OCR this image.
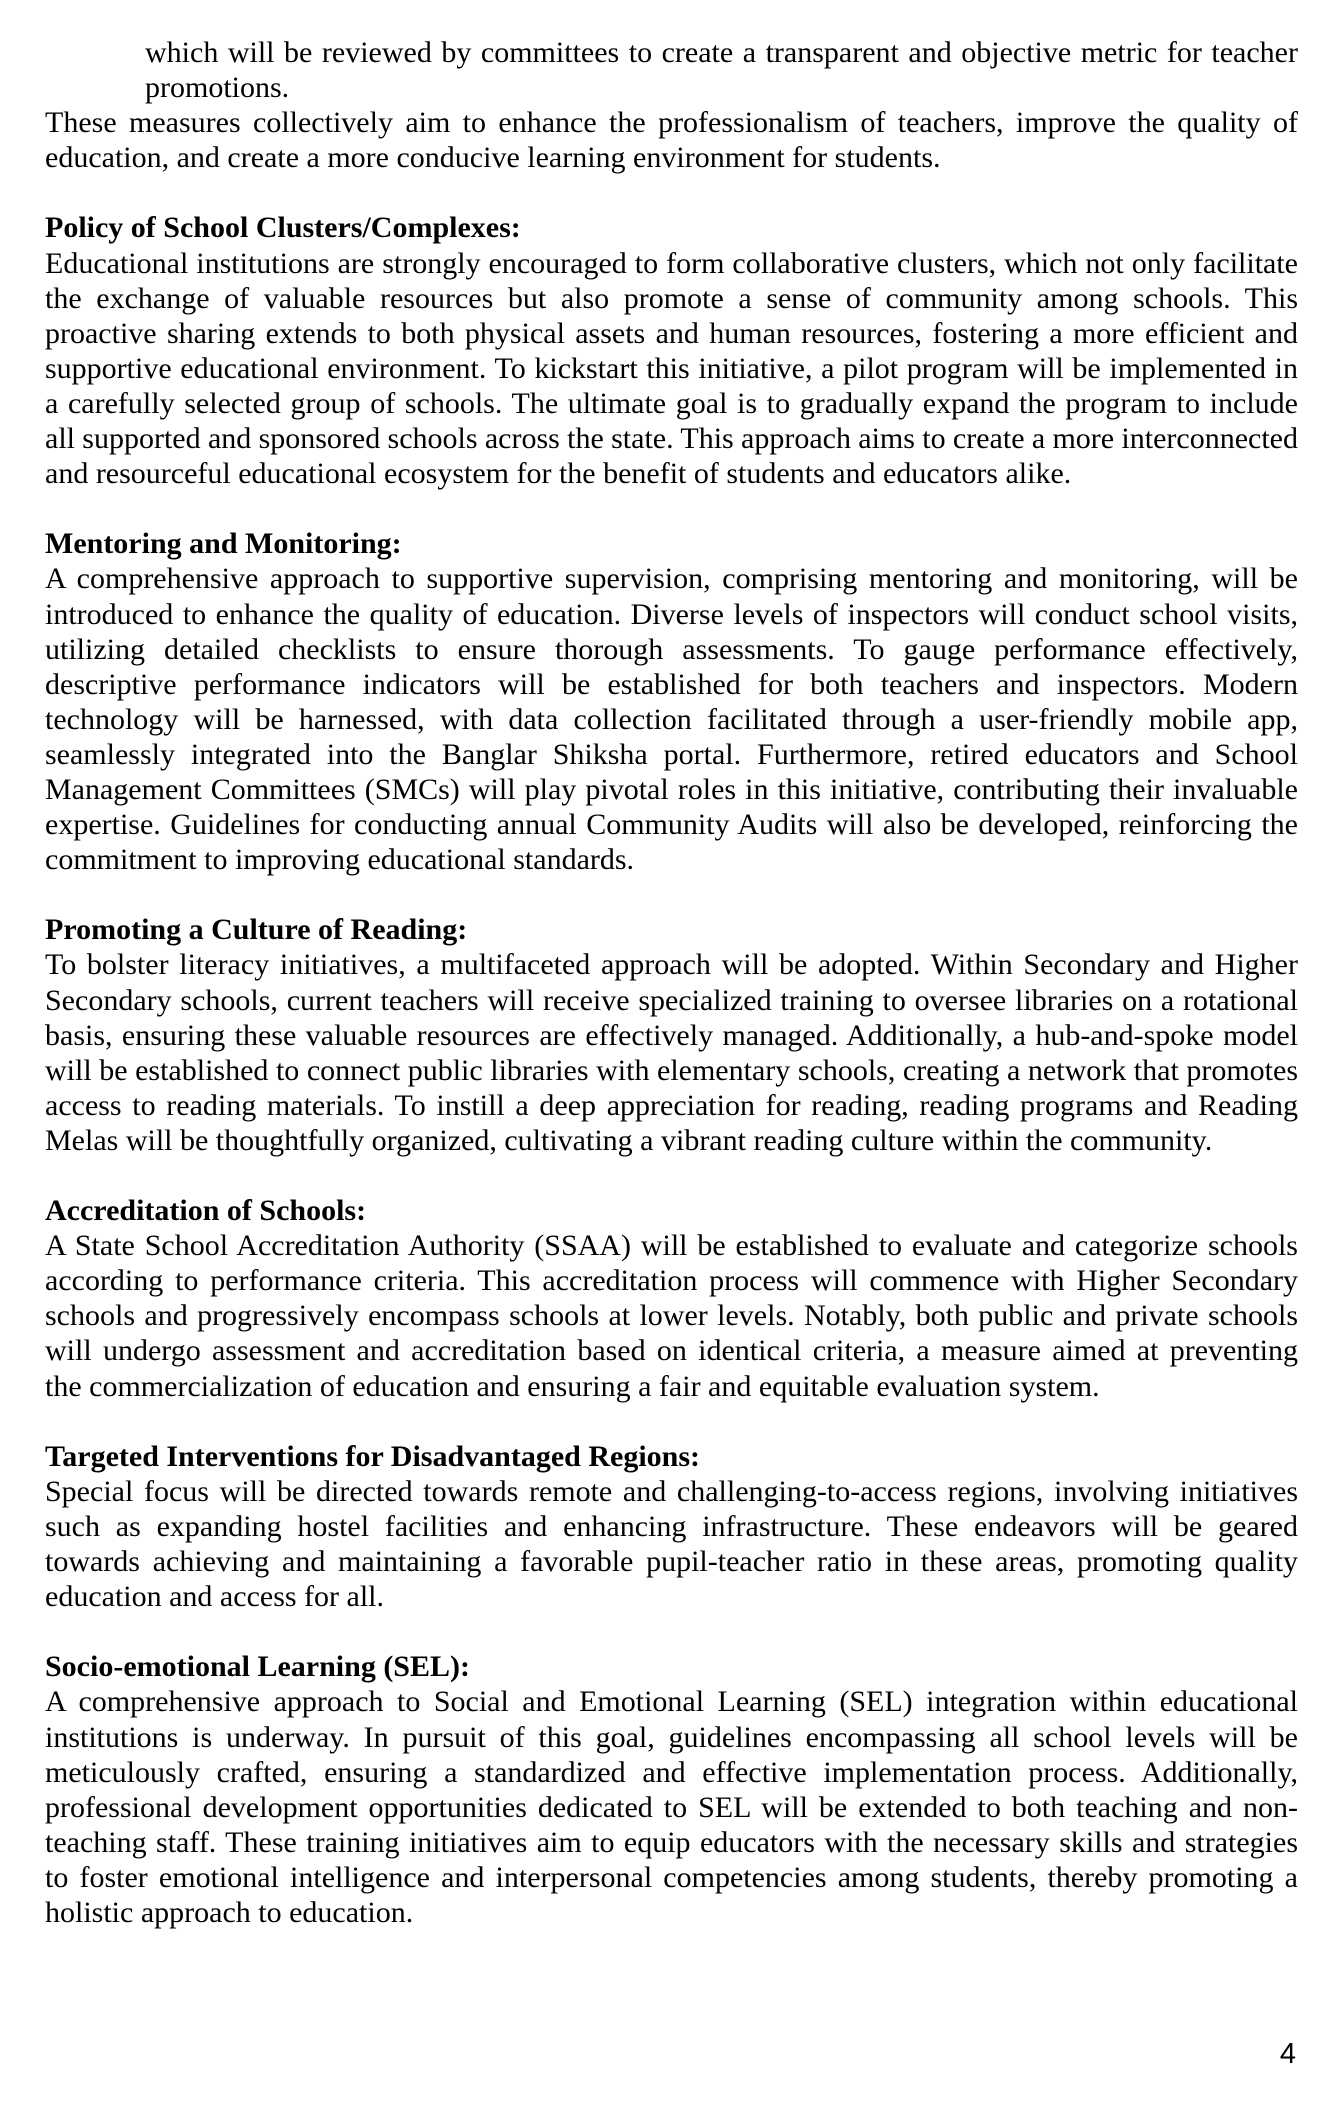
which will be reviewed by committees to create a transparent and objective metric for teacher
promotions.
These measures collectively aim to enhance the professionalism of teachers, improve the quality of
education, and create a more conducive learning environment for students.
Policy of School Clusters/Complexes:
Educational institutions are strongly encouraged to form collaborative clusters, which not only facilitate
the exchange of valuable resources but also promote a sense of community among schools. This
proactive sharing extends to both physical assets and human resources, fostering a more efficient and
supportive educational environment. To kickstart this initiative, a pilot program will be implemented in
a carefully selected group of schools. The ultimate goal is to gradually expand the program to include
all supported and sponsored schools across the state. This approach aims to create a more interconnected
and resourceful educational ecosystem for the benefit of students and educators alike.
Mentoring and Monitoring:
A comprehensive approach to supportive supervision, comprising mentoring and monitoring, will be
introduced to enhance the quality of education. Diverse levels of inspectors will conduct school visits,
utilizing detailed checklists to ensure thorough assessments. To gauge performance effectively,
descriptive performance indicators will be established for both teachers and inspectors. Modern
technology will be harnessed, with data collection facilitated through a user-friendly mobile app,
seamlessly integrated into the Banglar Shiksha portal. Furthermore, retired educators and School
Management Committees (SMCs) will play pivotal roles in this initiative, contributing their invaluable
expertise. Guidelines for conducting annual Community Audits will also be developed, reinforcing the
commitment to improving educational standards.
Promoting a Culture of Reading:
To bolster literacy initiatives, a multifaceted approach will be adopted. Within Secondary and Higher
Secondary schools, current teachers will receive specialized training to oversee libraries on a rotational
basis, ensuring these valuable resources are effectively managed. Additionally, a hub-and-spoke model
will be established to connect public libraries with elementary schools, creating a network that promotes
access to reading materials. To instill a deep appreciation for reading, reading programs and Reading
Melas will be thoughtfully organized, cultivating a vibrant reading culture within the community.
Accreditation of Schools:
A State School Accreditation Authority (SSAA) will be established to evaluate and categorize schools
according to performance criteria. This accreditation process will commence with Higher Secondary
schools and progressively encompass schools at lower levels. Notably, both public and private schools
will undergo assessment and accreditation based on identical criteria, a measure aimed at preventing
the commercialization of education and ensuring a fair and equitable evaluation system.
Targeted Interventions for Disadvantaged Regions:
Special focus will be directed towards remote and challenging-to-access regions, involving initiatives
such as expanding hostel facilities and enhancing infrastructure. These endeavors will be geared
towards achieving and maintaining a favorable pupil-teacher ratio in these areas, promoting quality
education and access for all.
Socio-emotional Learning (SEL):
A comprehensive approach to Social and Emotional Learning (SEL) integration within educational
institutions is underway. In pursuit of this goal, guidelines encompassing all school levels will be
meticulously crafted, ensuring a standardized and effective implementation process. Additionally,
professional development opportunities dedicated to SEL will be extended to both teaching and non-
teaching staff. These training initiatives aim to equip educators with the necessary skills and strategies
to foster emotional intelligence and interpersonal competencies among students, thereby promoting a
holistic approach to education.
4
